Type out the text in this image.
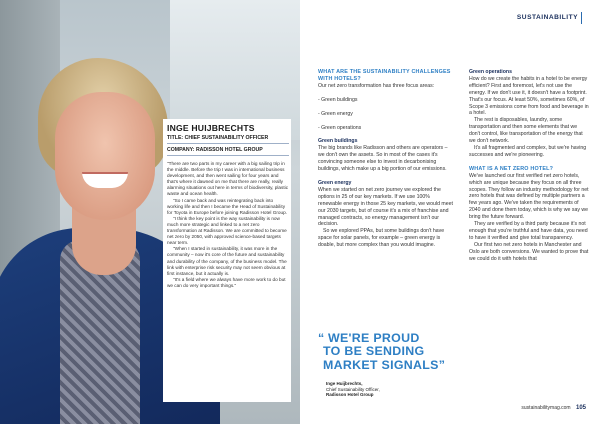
INGE HUIJBRECHTS
TITLE: CHIEF SUSTAINABILITY OFFICER
COMPANY: RADISSON HOTEL GROUP

"There are two parts in my career with a big sailing trip in the middle. Before the trip I was in international business development, and then went sailing for four years and that's where it dawned on me that there are really, really alarming situations out here in terms of biodiversity, plastic waste and ocean health.

"So I came back and was reintegrating back into working life and then I became the Head of Sustainability for Toyota in Europe before joining Radisson Hotel Group.

"I think the key point is the way sustainability is now much more strategic and linked to a net zero transformation at Radisson. We are committed to become net zero by 2050, with approved science-based targets near term.

"When I started in sustainability, it was more in the community – now it's core of the future and sustainability and durability of the company, of the business model. The link with enterprise risk security may not seem obvious at first instance, but it actually is.

"It's a field where we always have more work to do but we can do very important things."

SUSTAINABILITY

WHAT ARE THE SUSTAINABILITY CHALLENGES WITH HOTELS?

Our net zero transformation has three focus areas:

- Green buildings

- Green energy

- Green operations

Green buildings

The big brands like Radisson and others are operators – we don't own the assets. So in most of the cases it's convincing someone else to invest in decarbonising buildings, which make up a big portion of our emissions.

Green energy

When we started on net zero journey we explored the options in 25 of our key markets. If we use 100% renewable energy in those 25 key markets, we would meet our 2030 targets, but of course it's a mix of franchise and managed contracts, so energy management isn't our decision.

So we explored PPAs, but some buildings don't have space for solar panels, for example – green energy is doable, but more complex than you would imagine.

Green operations

How do we create the habits in a hotel to be energy efficient? First and foremost, let's not use the energy. If we don't use it, it doesn't have a footprint. That's our focus. At least 50%, sometimes 60%, of Scope 3 emissions come from food and beverage in a hotel.

The rest is disposables, laundry, some transportation and then some elements that we don't control, like transportation of the energy that we don't network.

It's all fragmented and complex, but we're having successes and we're pioneering.

WHAT IS A NET ZERO HOTEL?

We've launched our first verified net zero hotels, which are unique because they focus on all three scopes. They follow an industry methodology for net zero hotels that was defined by multiple partners a few years ago. We've taken the requirements of 2040 and done them today, which is why we say we bring the future forward.

They are verified by a third party because it's not enough that you're truthful and have data, you need to have it verified and give total transparency.

Our first two net zero hotels in Manchester and Oslo are both conversions. We wanted to prove that we could do it with hotels that

“ WE'RE PROUD
TO BE SENDING
MARKET SIGNALS”
Inge Huijbrechts,
Chief Sustainability Officer,
Radisson Hotel Group
sustainabilitymag.com 105
